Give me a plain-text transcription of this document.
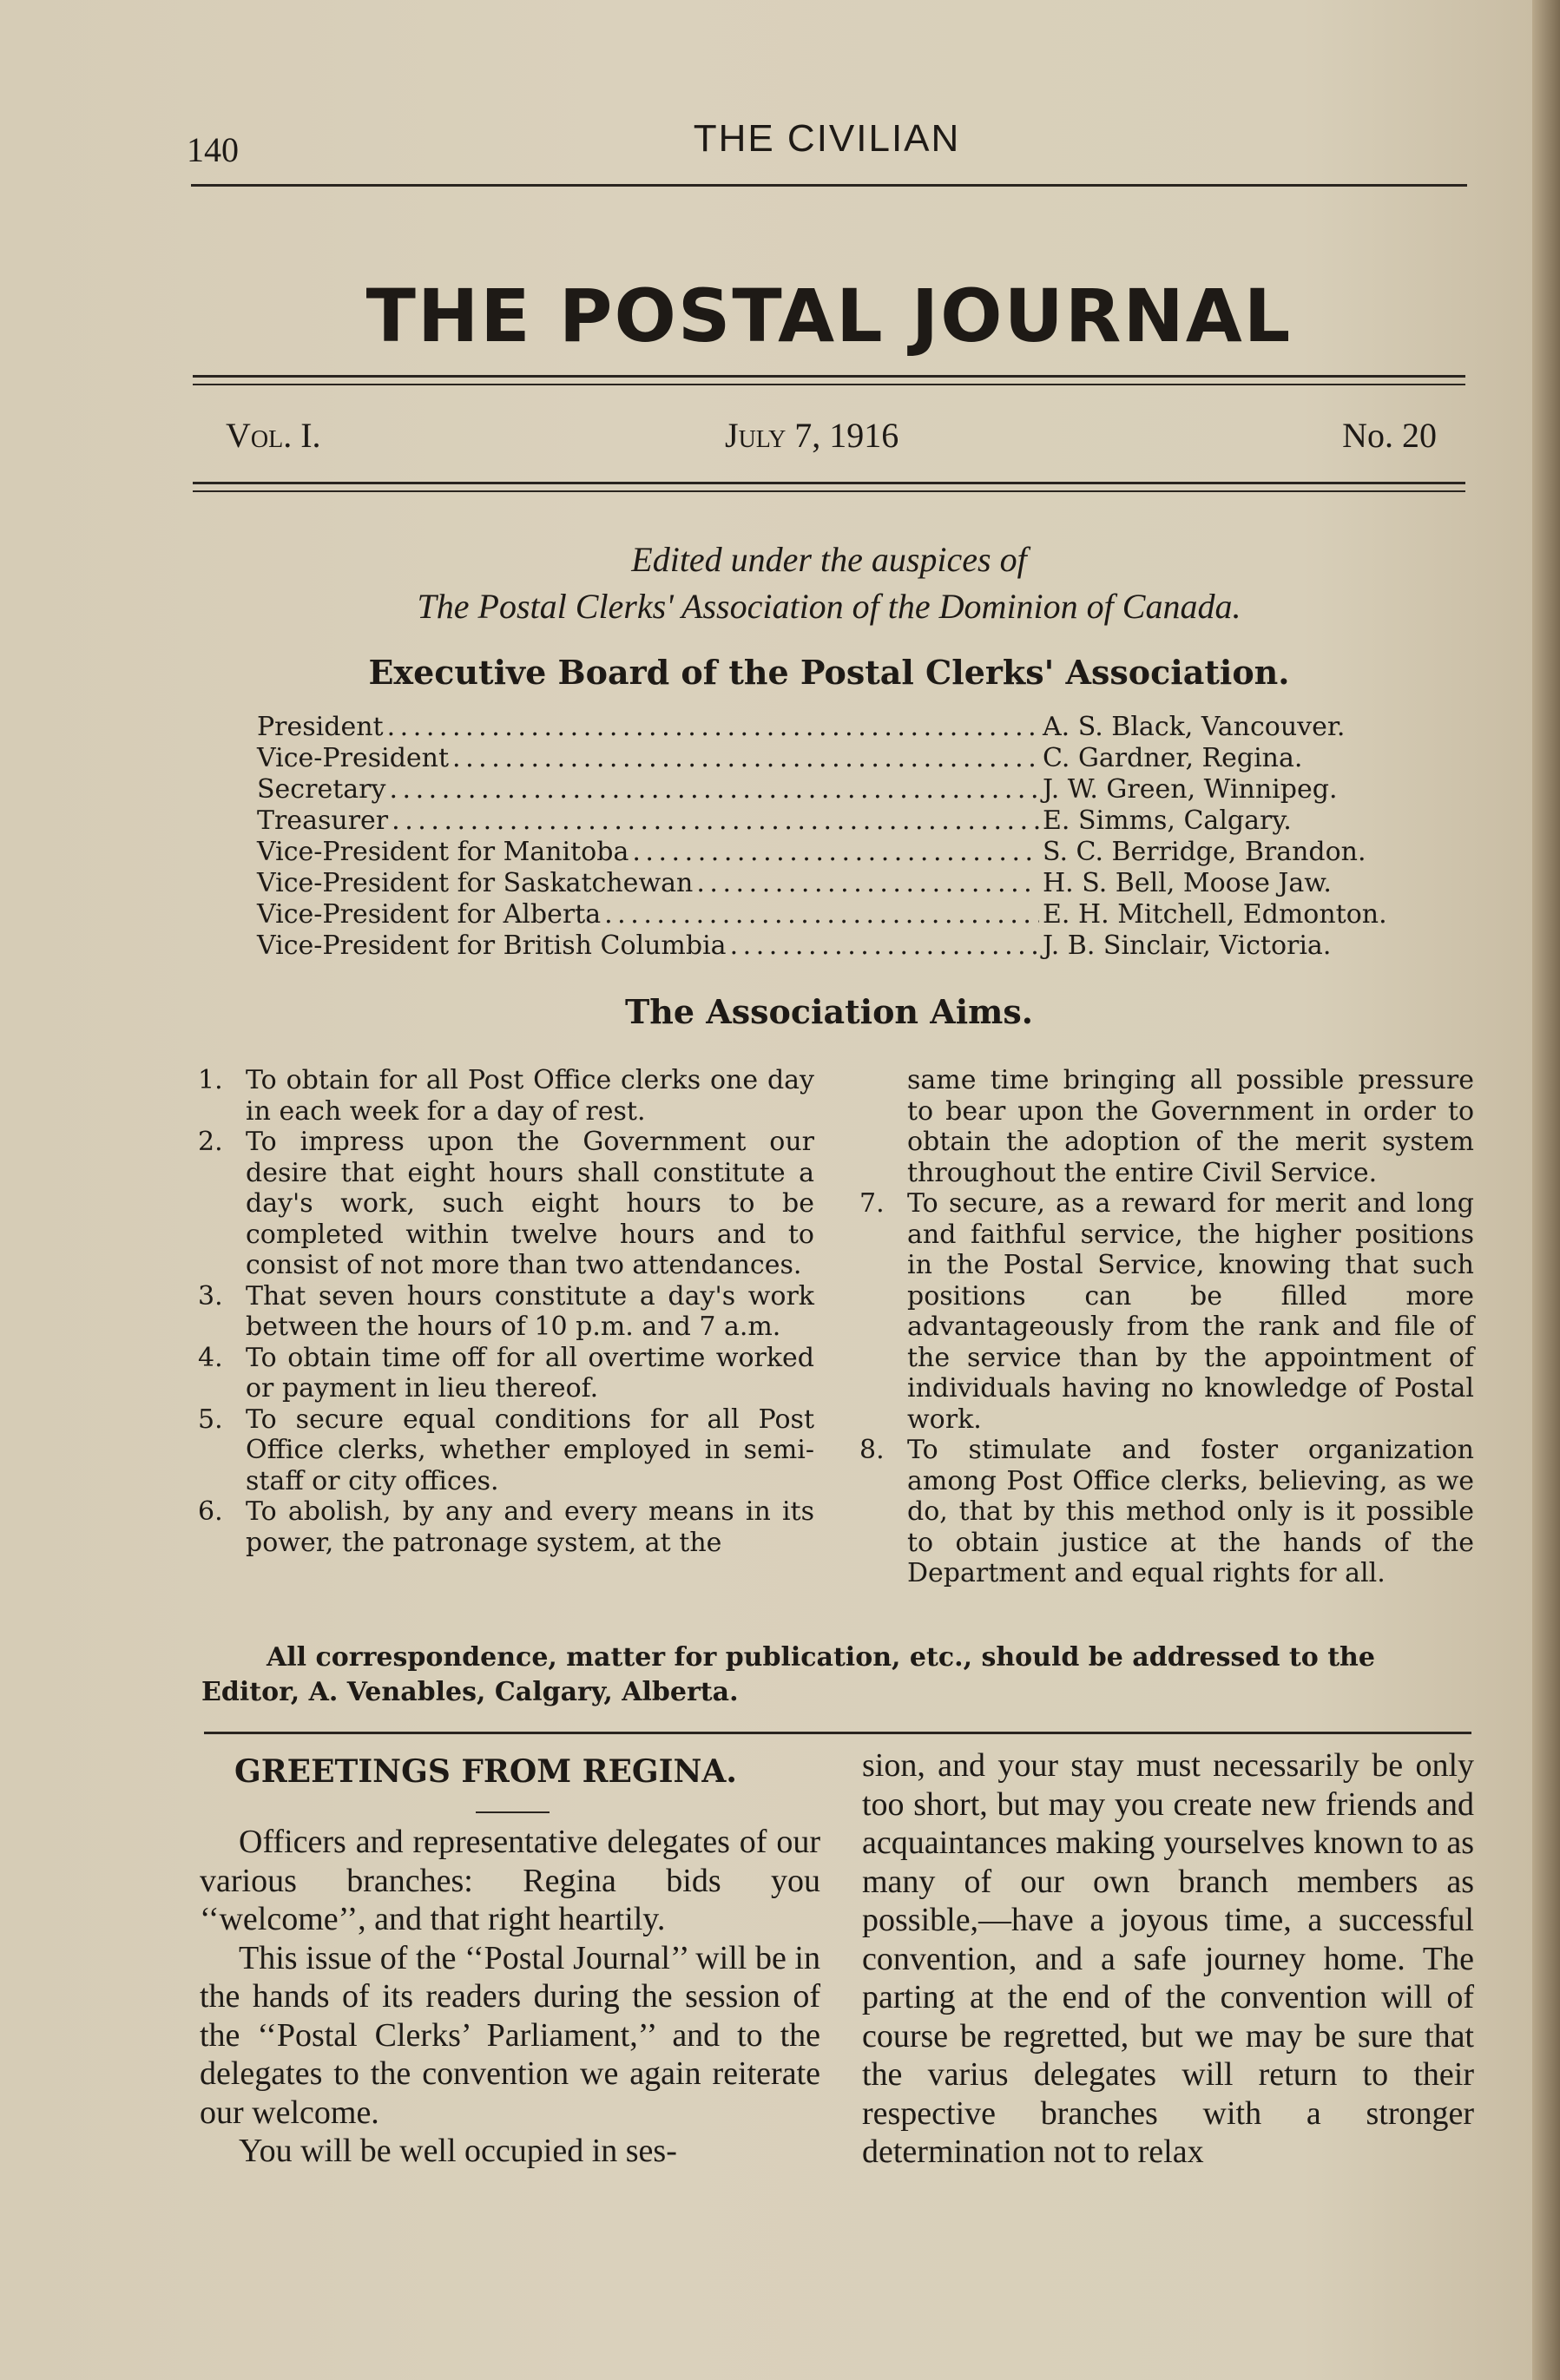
140	THE CIVILIAN
THE POSTAL JOURNAL
Vol. I.	July 7, 1916	No. 20
Edited under the auspices of
The Postal Clerks' Association of the Dominion of Canada.
Executive Board of the Postal Clerks' Association.
President . . .	A. S. Black, Vancouver.
Vice-President . . .	C. Gardner, Regina.
Secretary . . .	J. W. Green, Winnipeg.
Treasurer . . .	E. Simms, Calgary.
Vice-President for Manitoba . . .	S. C. Berridge, Brandon.
Vice-President for Saskatchewan . . .	H. S. Bell, Moose Jaw.
Vice-President for Alberta . . .	E. H. Mitchell, Edmonton.
Vice-President for British Columbia . . .	J. B. Sinclair, Victoria.
The Association Aims.
1. To obtain for all Post Office clerks one day in each week for a day of rest.
2. To impress upon the Government our desire that eight hours shall constitute a day's work, such eight hours to be completed within twelve hours and to consist of not more than two attendances.
3. That seven hours constitute a day's work between the hours of 10 p.m. and 7 a.m.
4. To obtain time off for all overtime worked or payment in lieu thereof.
5. To secure equal conditions for all Post Office clerks, whether employed in semi-staff or city offices.
6. To abolish, by any and every means in its power, the patronage system, at the
same time bringing all possible pressure to bear upon the Government in order to obtain the adoption of the merit system throughout the entire Civil Service.
7. To secure, as a reward for merit and long and faithful service, the higher positions in the Postal Service, knowing that such positions can be filled more advantageously from the rank and file of the service than by the appointment of individuals having no knowledge of Postal work.
8. To stimulate and foster organization among Post Office clerks, believing, as we do, that by this method only is it possible to obtain justice at the hands of the Department and equal rights for all.
All correspondence, matter for publication, etc., should be addressed to the Editor, A. Venables, Calgary, Alberta.
GREETINGS FROM REGINA.

Officers and representative delegates of our various branches: Regina bids you ‘‘welcome’’, and that right heartily.

This issue of the ‘‘Postal Journal’’ will be in the hands of its readers during the session of the ‘‘Postal Clerks’ Parliament,’’ and to the delegates to the convention we again reiterate our welcome.

You will be well occupied in ses-

sion, and your stay must necessarily be only too short, but may you create new friends and acquaintances making yourselves known to as many of our own branch members as possible,—have a joyous time, a successful convention, and a safe journey home. The parting at the end of the convention will of course be regretted, but we may be sure that the varius delegates will return to their respective branches with a stronger determination not to relax
